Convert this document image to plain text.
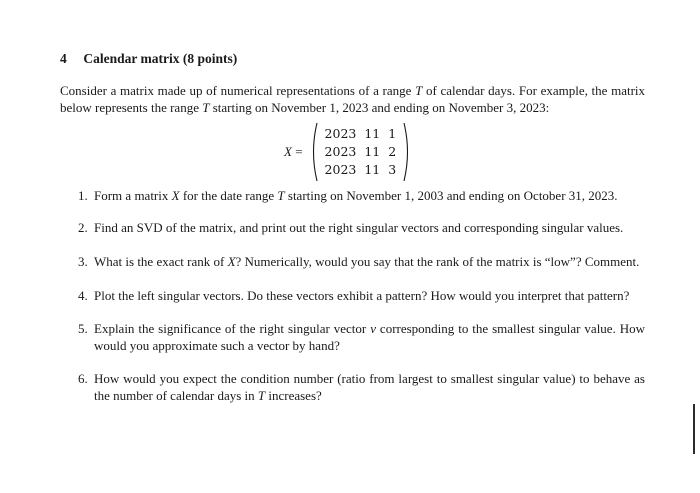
4 Calendar matrix (8 points)
Consider a matrix made up of numerical representations of a range T of calendar days. For example, the matrix below represents the range T starting on November 1, 2023 and ending on November 3, 2023:
X =
2023	11	1
2023	11	2
2023	11	3
1. Form a matrix X for the date range T starting on November 1, 2003 and ending on October 31, 2023.
2. Find an SVD of the matrix, and print out the right singular vectors and corresponding singular values.
3. What is the exact rank of X? Numerically, would you say that the rank of the matrix is “low”? Comment.
4. Plot the left singular vectors. Do these vectors exhibit a pattern? How would you interpret that pattern?
5. Explain the significance of the right singular vector v corresponding to the smallest singular value. How would you approximate such a vector by hand?
6. How would you expect the condition number (ratio from largest to smallest singular value) to behave as the number of calendar days in T increases?
